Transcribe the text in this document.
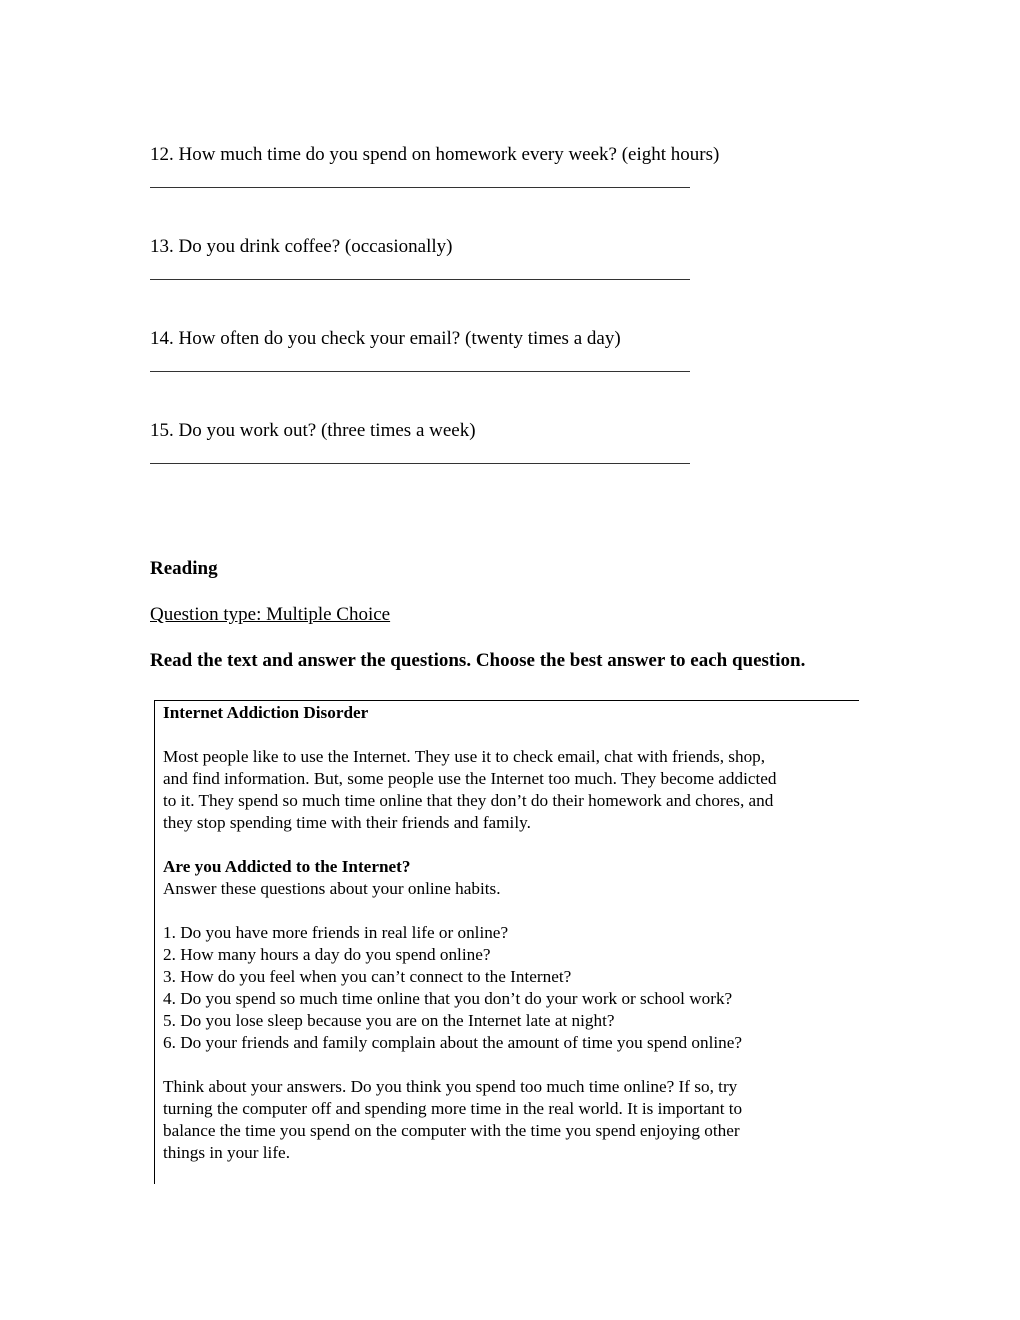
12. How much time do you spend on homework every week? (eight hours)
13. Do you drink coffee? (occasionally)
14. How often do you check your email? (twenty times a day)
15. Do you work out? (three times a week)
Reading
Question type: Multiple Choice
Read the text and answer the questions. Choose the best answer to each question.

Internet Addiction Disorder

Most people like to use the Internet. They use it to check email, chat with friends, shop,

and find information. But, some people use the Internet too much. They become addicted

to it. They spend so much time online that they don’t do their homework and chores, and

they stop spending time with their friends and family.

Are you Addicted to the Internet?

Answer these questions about your online habits.

1. Do you have more friends in real life or online?

2. How many hours a day do you spend online?

3. How do you feel when you can’t connect to the Internet?

4. Do you spend so much time online that you don’t do your work or school work?

5. Do you lose sleep because you are on the Internet late at night?

6. Do your friends and family complain about the amount of time you spend online?

Think about your answers. Do you think you spend too much time online? If so, try

turning the computer off and spending more time in the real world. It is important to

balance the time you spend on the computer with the time you spend enjoying other

things in your life.
